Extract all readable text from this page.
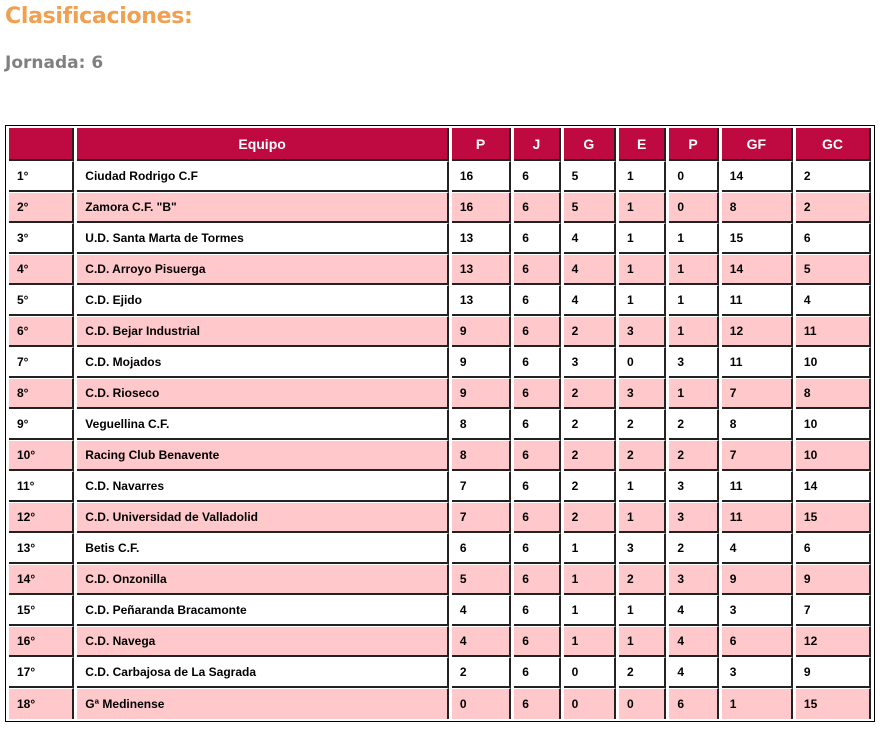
Clasificaciones:
Jornada: 6
	Equipo	P	J	G	E	P	GF	GC
1°	Ciudad Rodrigo C.F	16	6	5	1	0	14	2
2°	Zamora C.F. "B"	16	6	5	1	0	8	2
3°	U.D. Santa Marta de Tormes	13	6	4	1	1	15	6
4°	C.D. Arroyo Pisuerga	13	6	4	1	1	14	5
5°	C.D. Ejido	13	6	4	1	1	11	4
6°	C.D. Bejar Industrial	9	6	2	3	1	12	11
7°	C.D. Mojados	9	6	3	0	3	11	10
8°	C.D. Rioseco	9	6	2	3	1	7	8
9°	Veguellina C.F.	8	6	2	2	2	8	10
10°	Racing Club Benavente	8	6	2	2	2	7	10
11°	C.D. Navarres	7	6	2	1	3	11	14
12°	C.D. Universidad de Valladolid	7	6	2	1	3	11	15
13°	Betis C.F.	6	6	1	3	2	4	6
14°	C.D. Onzonilla	5	6	1	2	3	9	9
15°	C.D. Peñaranda Bracamonte	4	6	1	1	4	3	7
16°	C.D. Navega	4	6	1	1	4	6	12
17°	C.D. Carbajosa de La Sagrada	2	6	0	2	4	3	9
18°	Gª Medinense	0	6	0	0	6	1	15
